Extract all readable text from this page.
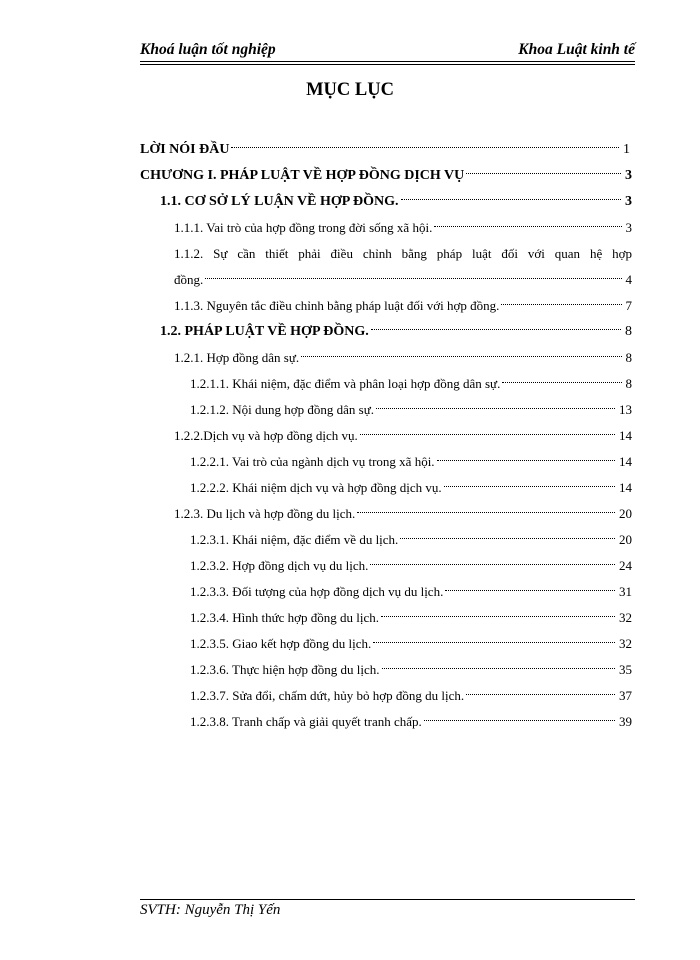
Khoá luận tốt nghiệp	Khoa Luật kinh tế
MỤC LỤC
LỜI NÓI ĐẦU	1
CHƯƠNG I. PHÁP LUẬT VỀ HỢP ĐỒNG DỊCH VỤ	3
1.1. CƠ SỞ LÝ LUẬN VỀ HỢP ĐỒNG.	3
1.1.1. Vai trò của hợp đồng trong đời sống xã hội.	3
1.1.2. Sự cần thiết phải điều chỉnh bằng pháp luật đối với quan hệ hợp
đồng.	4
1.1.3. Nguyên tắc điều chỉnh bằng pháp luật đối với hợp đồng.	7
1.2. PHÁP LUẬT VỀ HỢP ĐỒNG.	8
1.2.1. Hợp đồng dân sự.	8
1.2.1.1. Khái niệm, đặc điểm và phân loại hợp đồng dân sự.	8
1.2.1.2. Nội dung hợp đồng dân sự.	13
1.2.2.Dịch vụ và hợp đồng dịch vụ.	14
1.2.2.1. Vai trò của ngành dịch vụ trong xã hội.	14
1.2.2.2. Khái niệm dịch vụ và hợp đồng dịch vụ.	14
1.2.3. Du lịch và hợp đồng du lịch.	20
1.2.3.1. Khái niệm, đặc điểm về du lịch.	20
1.2.3.2. Hợp đồng dịch vụ du lịch.	24
1.2.3.3. Đối tượng của hợp đồng dịch vụ du lịch.	31
1.2.3.4. Hình thức hợp đồng du lịch.	32
1.2.3.5. Giao kết hợp đồng du lịch.	32
1.2.3.6. Thực hiện hợp đồng du lịch.	35
1.2.3.7. Sửa đổi, chấm dứt, hủy bỏ hợp đồng du lịch.	37
1.2.3.8. Tranh chấp và giải quyết tranh chấp.	39
SVTH: Nguyễn Thị Yến
